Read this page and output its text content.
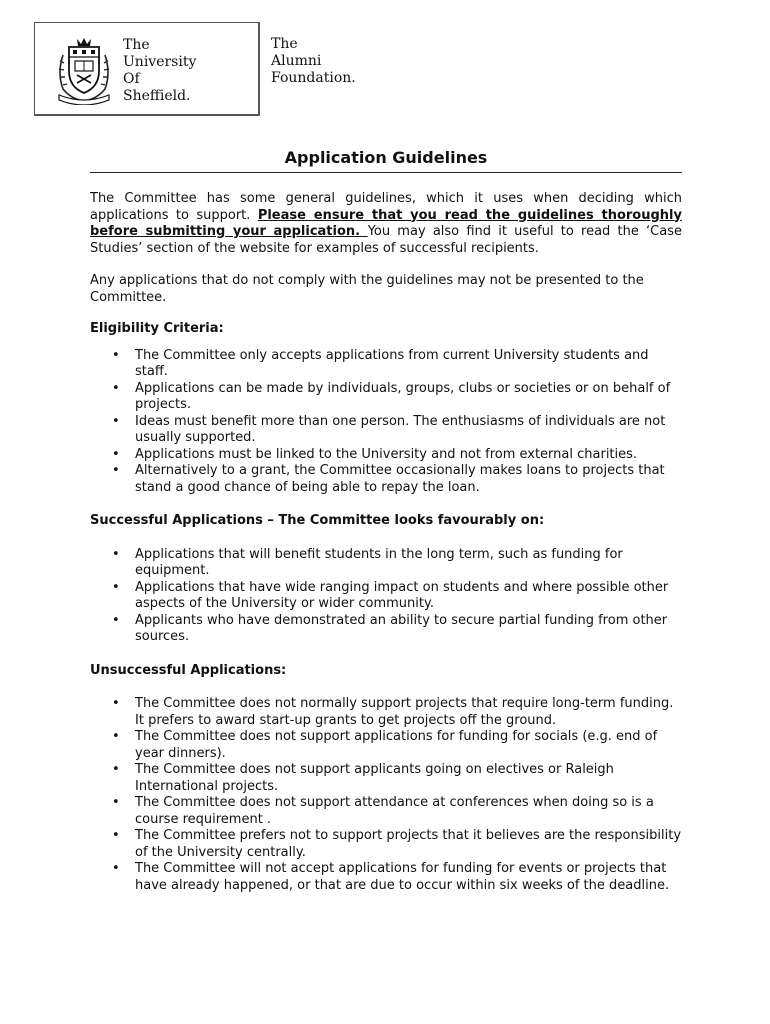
The
University
Of
Sheffield.
The
Alumni
Foundation.
Application Guidelines

The Committee has some general guidelines, which it uses when deciding which applications to support. Please ensure that you read the guidelines thoroughly before submitting your application. You may also find it useful to read the ‘Case Studies’ section of the website for examples of successful recipients.

Any applications that do not comply with the guidelines may not be presented to the Committee.

Eligibility Criteria:

• The Committee only accepts applications from current University students and staff.
• Applications can be made by individuals, groups, clubs or societies or on behalf of projects.
• Ideas must benefit more than one person. The enthusiasms of individuals are not usually supported.
• Applications must be linked to the University and not from external charities.
• Alternatively to a grant, the Committee occasionally makes loans to projects that stand a good chance of being able to repay the loan.

Successful Applications – The Committee looks favourably on:

• Applications that will benefit students in the long term, such as funding for equipment.
• Applications that have wide ranging impact on students and where possible other aspects of the University or wider community.
• Applicants who have demonstrated an ability to secure partial funding from other sources.

Unsuccessful Applications:

• The Committee does not normally support projects that require long-term funding. It prefers to award start-up grants to get projects off the ground.
• The Committee does not support applications for funding for socials (e.g. end of year dinners).
• The Committee does not support applicants going on electives or Raleigh International projects.
• The Committee does not support attendance at conferences when doing so is a course requirement .
• The Committee prefers not to support projects that it believes are the responsibility of the University centrally.
• The Committee will not accept applications for funding for events or projects that have already happened, or that are due to occur within six weeks of the deadline.
